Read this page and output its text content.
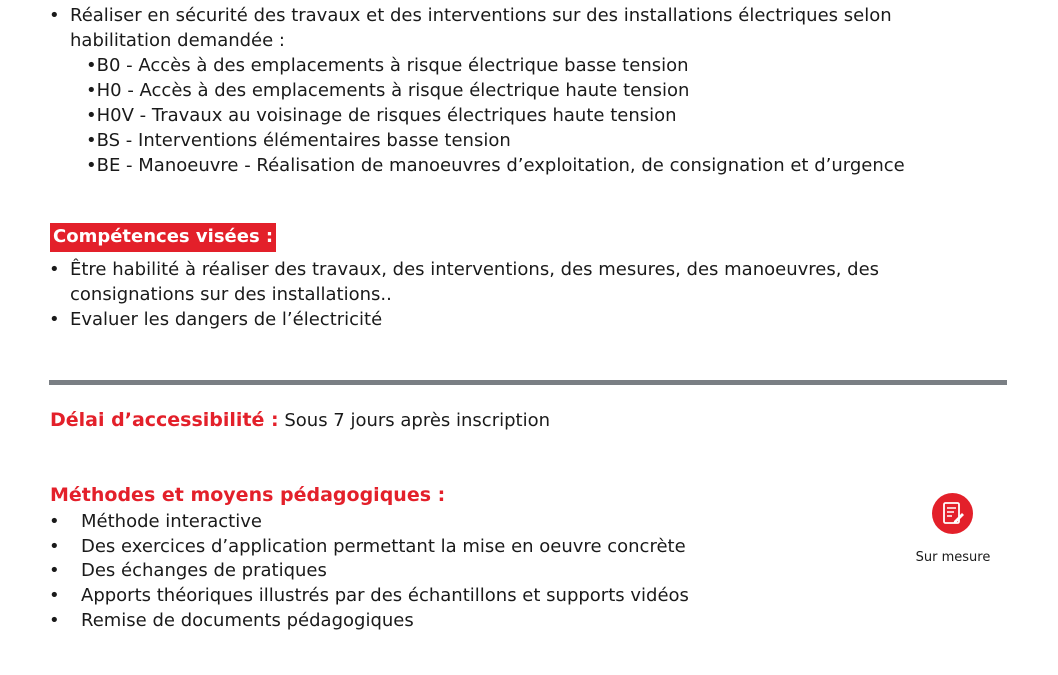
• Réaliser en sécurité des travaux et des interventions sur des installations électriques selon
habilitation demandée :
•B0 - Accès à des emplacements à risque électrique basse tension
•H0 - Accès à des emplacements à risque électrique haute tension
•H0V - Travaux au voisinage de risques électriques haute tension
•BS - Interventions élémentaires basse tension
•BE - Manoeuvre - Réalisation de manoeuvres d’exploitation, de consignation et d’urgence
Compétences visées :
• Être habilité à réaliser des travaux, des interventions, des mesures, des manoeuvres, des
consignations sur des installations..
• Evaluer les dangers de l’électricité
Délai d’accessibilité : Sous 7 jours après inscription
Méthodes et moyens pédagogiques :
• Méthode interactive
• Des exercices d’application permettant la mise en oeuvre concrète
• Des échanges de pratiques
• Apports théoriques illustrés par des échantillons et supports vidéos
• Remise de documents pédagogiques
Sur mesure
